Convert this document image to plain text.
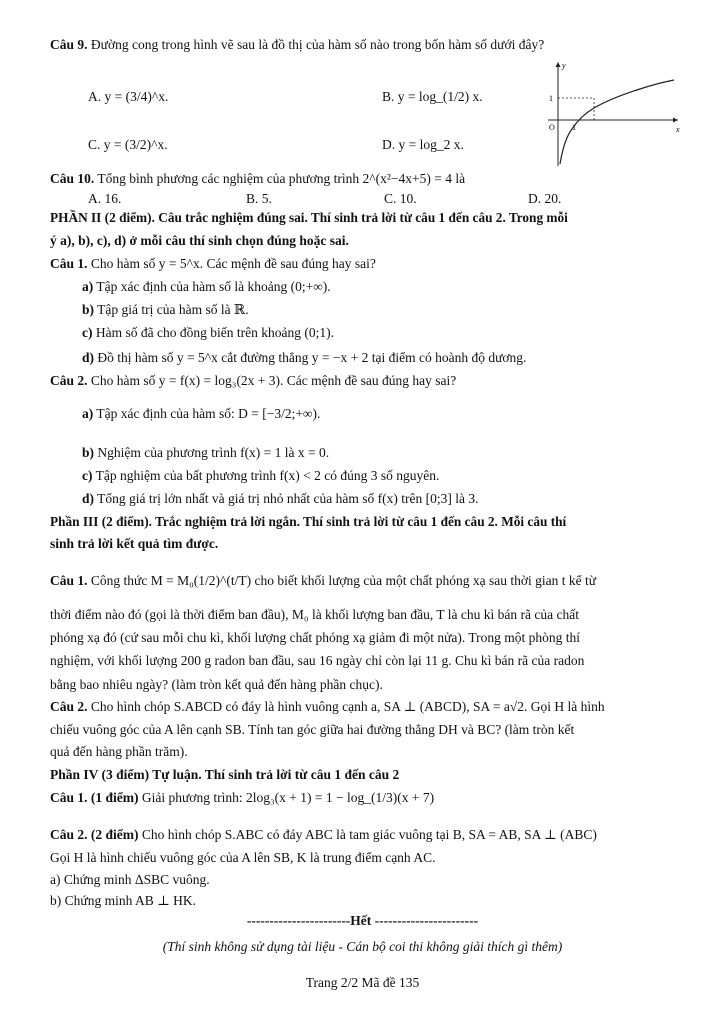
Câu 9. Đường cong trong hình vẽ sau là đồ thị của hàm số nào trong bốn hàm số dưới đây?
A. y = (3/4)^x.	B. y = log_(1/2) x.
C. y = (3/2)^x.	D. y = log_2 x.
y
x
O 1
1
Câu 10. Tổng bình phương các nghiệm của phương trình 2^(x²−4x+5) = 4 là
A. 16.	B. 5.	C. 10.	D. 20.
PHẦN II (2 điểm). Câu trắc nghiệm đúng sai. Thí sinh trả lời từ câu 1 đến câu 2. Trong mỗi
ý a), b), c), d) ở mỗi câu thí sinh chọn đúng hoặc sai.
Câu 1. Cho hàm số y = 5^x. Các mệnh đề sau đúng hay sai?
a) Tập xác định của hàm số là khoảng (0;+∞).
b) Tập giá trị của hàm số là ℝ.
c) Hàm số đã cho đồng biến trên khoảng (0;1).
d) Đồ thị hàm số y = 5^x cắt đường thẳng y = −x + 2 tại điểm có hoành độ dương.
Câu 2. Cho hàm số y = f(x) = log₃(2x + 3). Các mệnh đề sau đúng hay sai?
a) Tập xác định của hàm số: D = [−3/2;+∞).
b) Nghiệm của phương trình f(x) = 1 là x = 0.
c) Tập nghiệm của bất phương trình f(x) < 2 có đúng 3 số nguyên.
d) Tổng giá trị lớn nhất và giá trị nhỏ nhất của hàm số f(x) trên [0;3] là 3.
Phần III (2 điểm). Trắc nghiệm trả lời ngắn. Thí sinh trả lời từ câu 1 đến câu 2. Mỗi câu thí
sinh trả lời kết quả tìm được.
Câu 1. Công thức M = M₀(1/2)^(t/T) cho biết khối lượng của một chất phóng xạ sau thời gian t kể từ
thời điểm nào đó (gọi là thời điểm ban đầu), M₀ là khối lượng ban đầu, T là chu kì bán rã của chất
phóng xạ đó (cứ sau mỗi chu kì, khối lượng chất phóng xạ giảm đi một nửa). Trong một phòng thí
nghiệm, với khối lượng 200 g radon ban đầu, sau 16 ngày chỉ còn lại 11 g. Chu kì bán rã của radon
bằng bao nhiêu ngày? (làm tròn kết quả đến hàng phần chục).
Câu 2. Cho hình chóp S.ABCD có đáy là hình vuông cạnh a, SA ⊥ (ABCD), SA = a√2. Gọi H là hình
chiếu vuông góc của A lên cạnh SB. Tính tan góc giữa hai đường thẳng DH và BC? (làm tròn kết
quả đến hàng phần trăm).
Phần IV (3 điểm) Tự luận. Thí sinh trả lời từ câu 1 đến câu 2
Câu 1. (1 điểm) Giải phương trình: 2log₃(x + 1) = 1 − log_(1/3)(x + 7)
Câu 2. (2 điểm) Cho hình chóp S.ABC có đáy ABC là tam giác vuông tại B, SA = AB, SA ⊥ (ABC)
Gọi H là hình chiếu vuông góc của A lên SB, K là trung điểm cạnh AC.
a) Chứng minh ΔSBC vuông.
b) Chứng minh AB ⊥ HK.
-----------------------Hết -----------------------
(Thí sinh không sử dụng tài liệu - Cán bộ coi thi không giải thích gì thêm)
Trang 2/2 Mã đề 135
